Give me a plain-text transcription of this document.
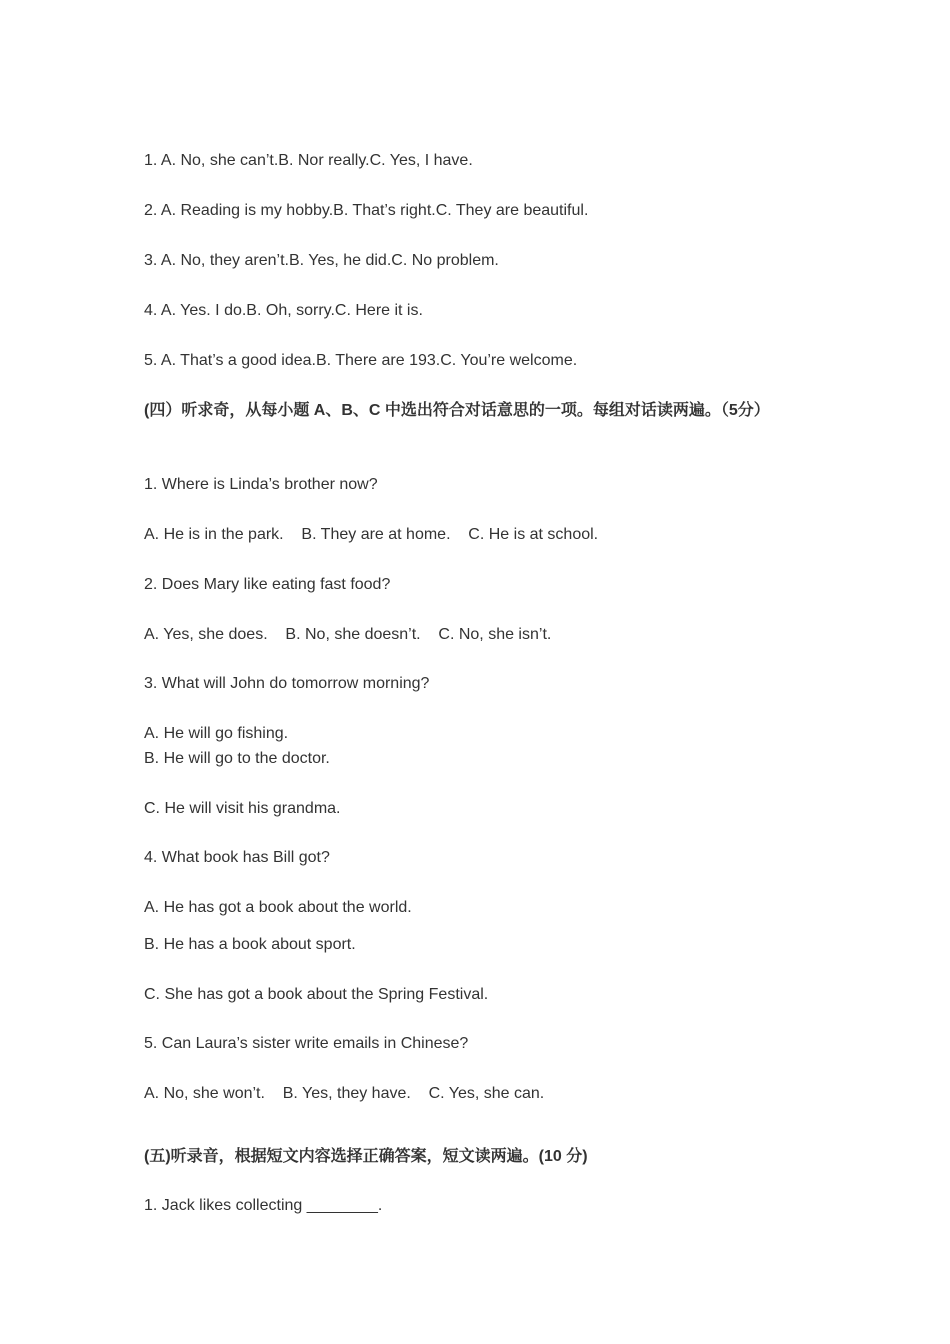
1. A. No, she can’t.B. Nor really.C. Yes, I have.
2. A. Reading is my hobby.B. That’s right.C. They are beautiful.
3. A. No, they aren’t.B. Yes, he did.C. No problem.
4. A. Yes. I do.B. Oh, sorry.C. Here it is.
5. A. That’s a good idea.B. There are 193.C. You’re welcome.
(四）听求奇，从每小题 A、B、C 中选出符合对话意思的一项。每组对话读两遍。（5分）
1. Where is Linda’s brother now?
A. He is in the park.    B. They are at home.    C. He is at school.
2. Does Mary like eating fast food?
A. Yes, she does.    B. No, she doesn’t.    C. No, she isn’t.
3. What will John do tomorrow morning?
A. He will go fishing.
B. He will go to the doctor.
C. He will visit his grandma.
4. What book has Bill got?
A. He has got a book about the world.
B. He has a book about sport.
C. She has got a book about the Spring Festival.
5. Can Laura’s sister write emails in Chinese?
A. No, she won’t.    B. Yes, they have.    C. Yes, she can.
(五)听录音，根据短文内容选择正确答案，短文读两遍。(10 分)
1. Jack likes collecting ________.
